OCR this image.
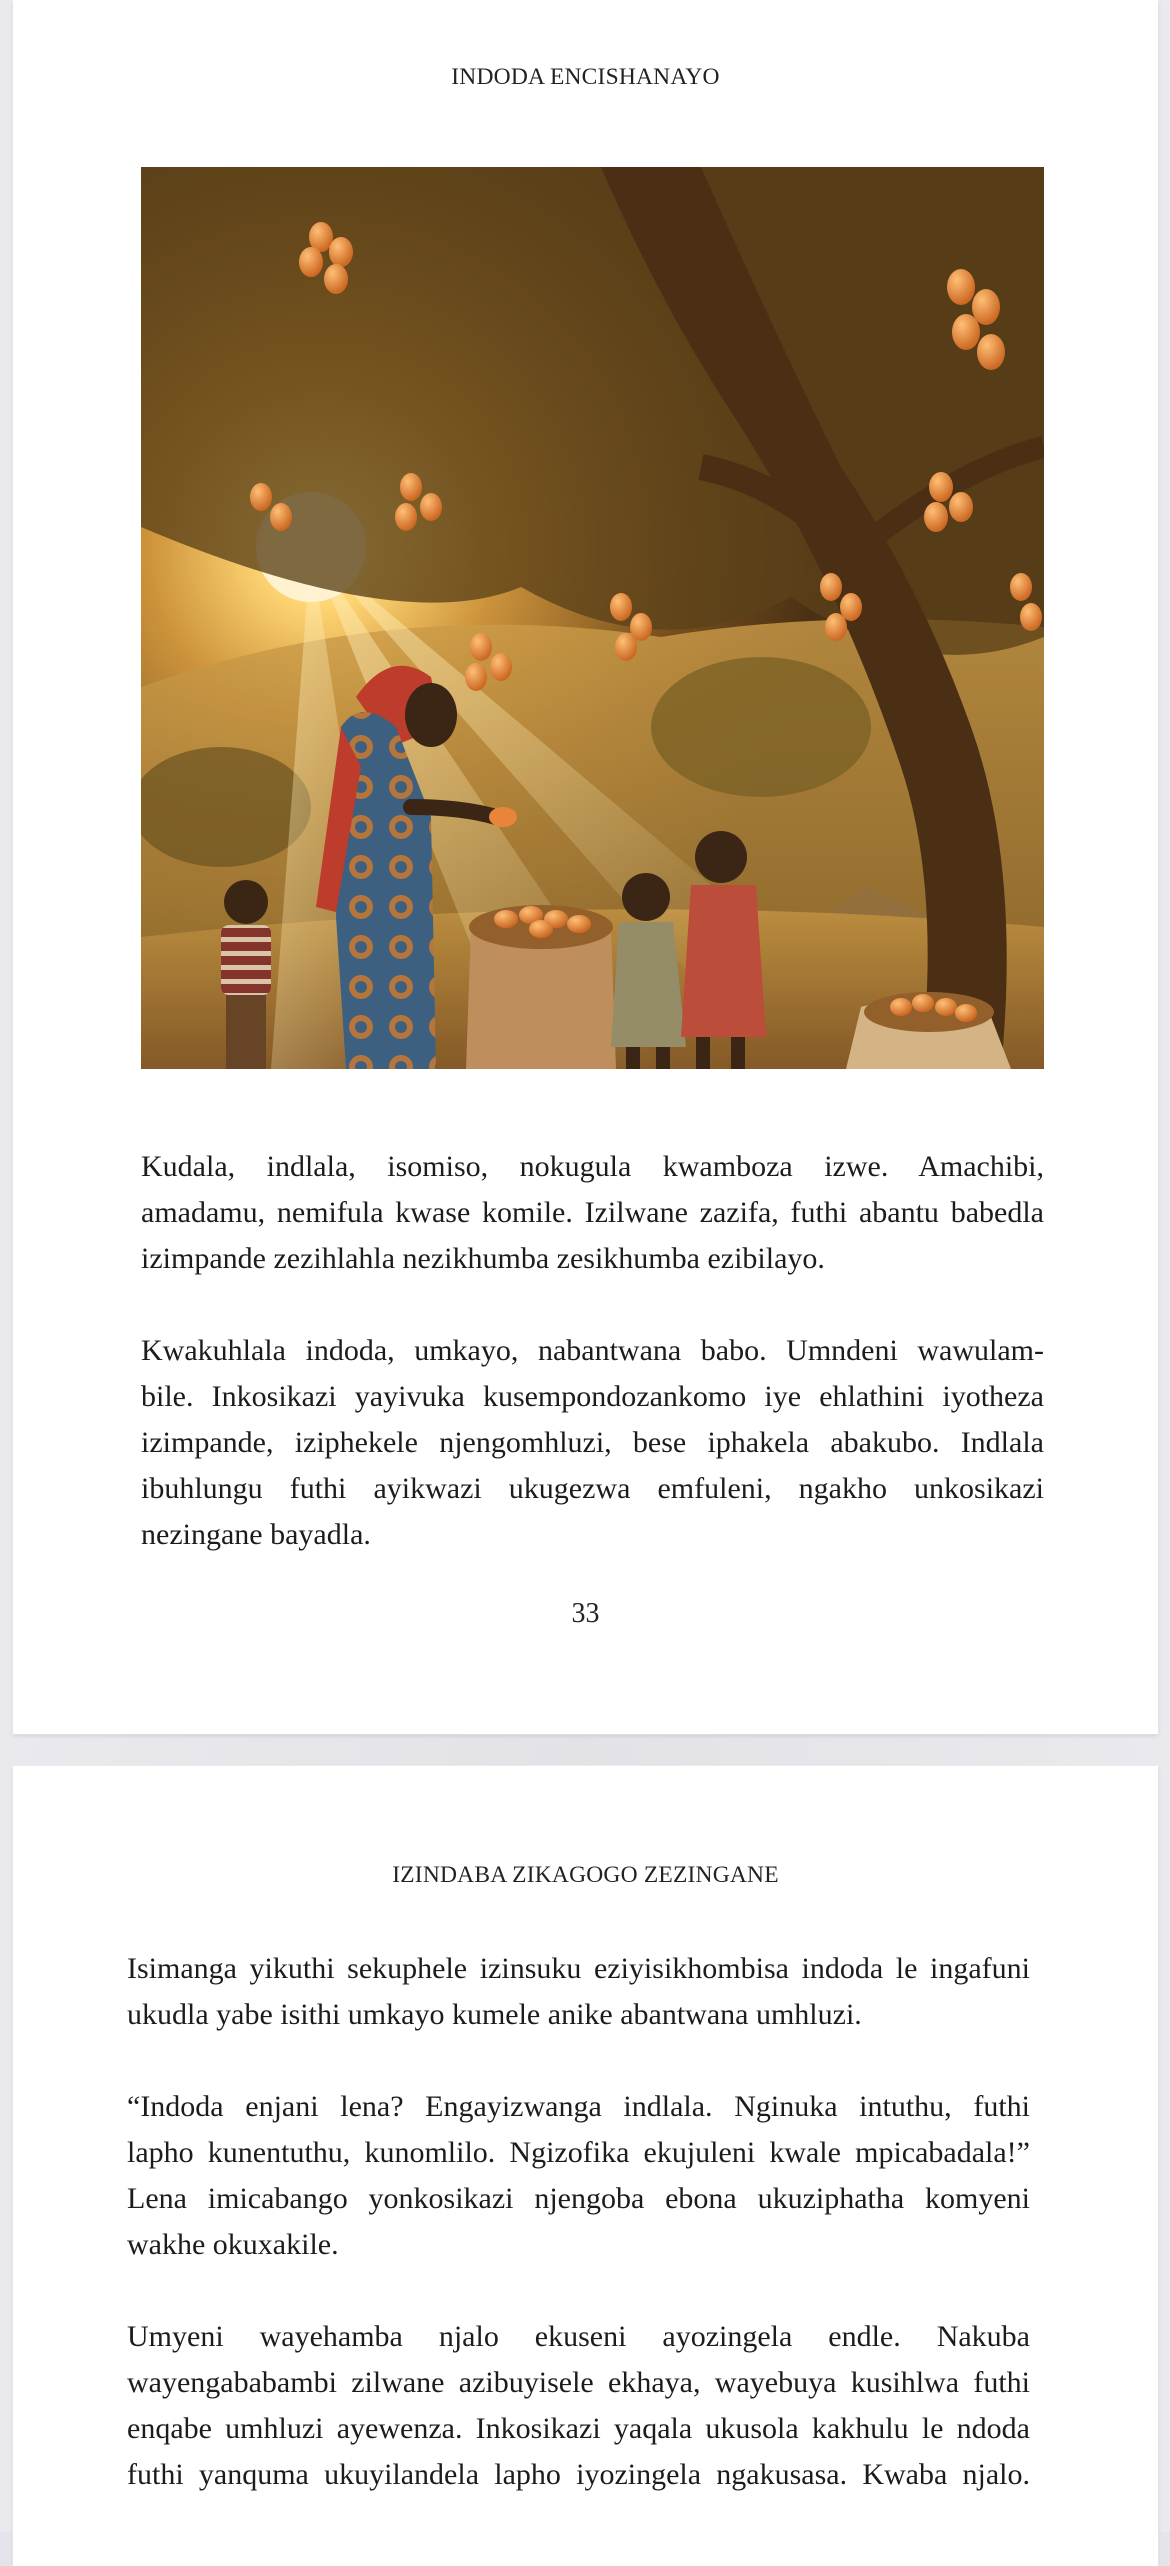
INDODA ENCISHANAYO

Kudala, indlala, isomiso, nokugula kwamboza izwe. Amachibi,
amadamu, nemifula kwase komile. Izilwane zazifa, futhi abantu babedla
izimpande zezihlahla nezikhumba zesikhumba ezibilayo.

Kwakuhlala indoda, umkayo, nabantwana babo. Umndeni wawulam-
bile. Inkosikazi yayivuka kusempondozankomo iye ehlathini iyotheza
izimpande, iziphekele njengomhluzi, bese iphakela abakubo. Indlala
ibuhlungu futhi ayikwazi ukugezwa emfuleni, ngakho unkosikazi
nezingane bayadla.

33
IZINDABA ZIKAGOGO ZEZINGANE

Isimanga yikuthi sekuphele izinsuku eziyisikhombisa indoda le ingafuni
ukudla yabe isithi umkayo kumele anike abantwana umhluzi.

“Indoda enjani lena? Engayizwanga indlala. Nginuka intuthu, futhi
lapho kunentuthu, kunomlilo. Ngizofika ekujuleni kwale mpicabadala!”
Lena imicabango yonkosikazi njengoba ebona ukuziphatha komyeni
wakhe okuxakile.

Umyeni wayehamba njalo ekuseni ayozingela endle. Nakuba
wayengababambi zilwane azibuyisele ekhaya, wayebuya kusihlwa futhi
enqabe umhluzi ayewenza. Inkosikazi yaqala ukusola kakhulu le ndoda
futhi yanquma ukuyilandela lapho iyozingela ngakusasa. Kwaba njalo.
